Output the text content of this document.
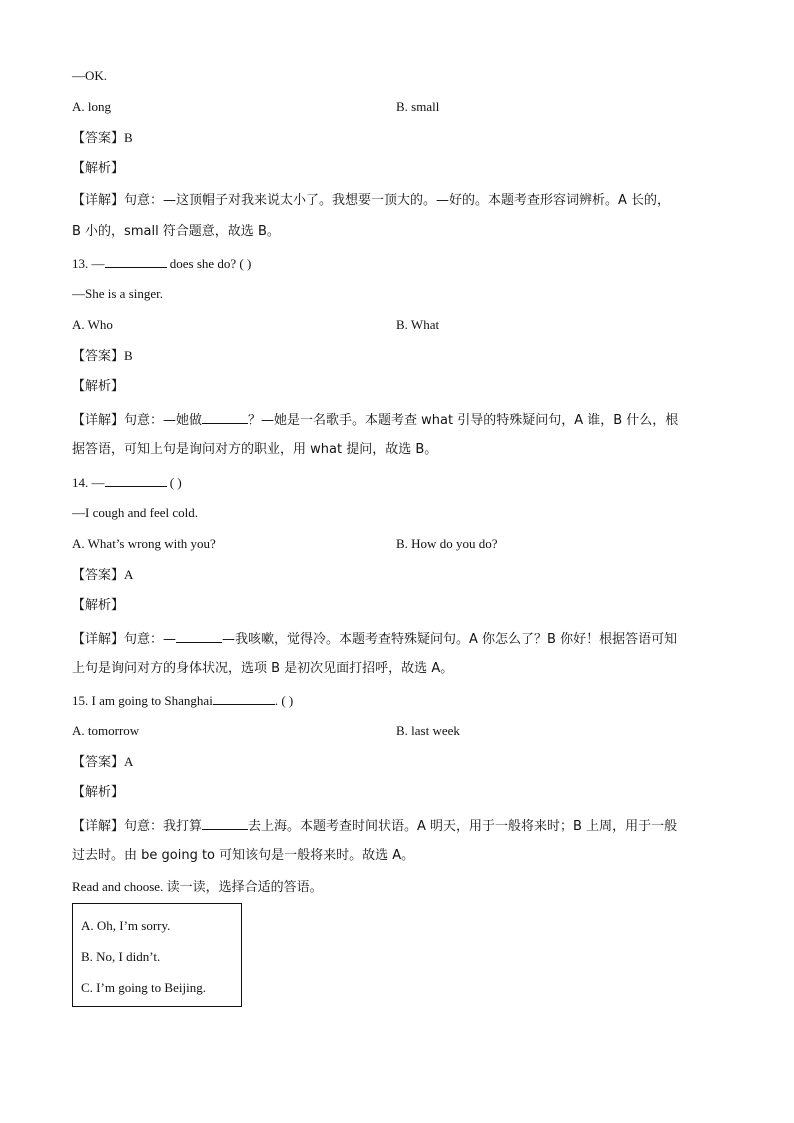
—OK.
A. long	B. small
【答案】B
【解析】
【详解】句意：—这顶帽子对我来说太小了。我想要一顶大的。—好的。本题考查形容词辨析。A 长的，
B 小的，small 符合题意，故选 B。
13. —	does she do? ( )
—She is a singer.
A. Who	B. What
【答案】B
【解析】
【详解】句意：—她做	？—她是一名歌手。本题考查 what 引导的特殊疑问句，A 谁，B 什么，根
据答语，可知上句是询问对方的职业，用 what 提问，故选 B。
14. —	( )
—I cough and feel cold.
A. What’s wrong with you?	B. How do you do?
【答案】A
【解析】
【详解】句意：—	—我咳嗽，觉得冷。本题考查特殊疑问句。A 你怎么了？B 你好！根据答语可知
上句是询问对方的身体状况，选项 B 是初次见面打招呼，故选 A。
15. I am going to Shanghai	. ( )
A. tomorrow	B. last week
【答案】A
【解析】
【详解】句意：我打算	去上海。本题考查时间状语。A 明天，用于一般将来时；B 上周，用于一般
过去时。由 be going to 可知该句是一般将来时。故选 A。
Read and choose. 读一读，选择合适的答语。
A. Oh, I’m sorry.
B. No, I didn’t.
C. I’m going to Beijing.
